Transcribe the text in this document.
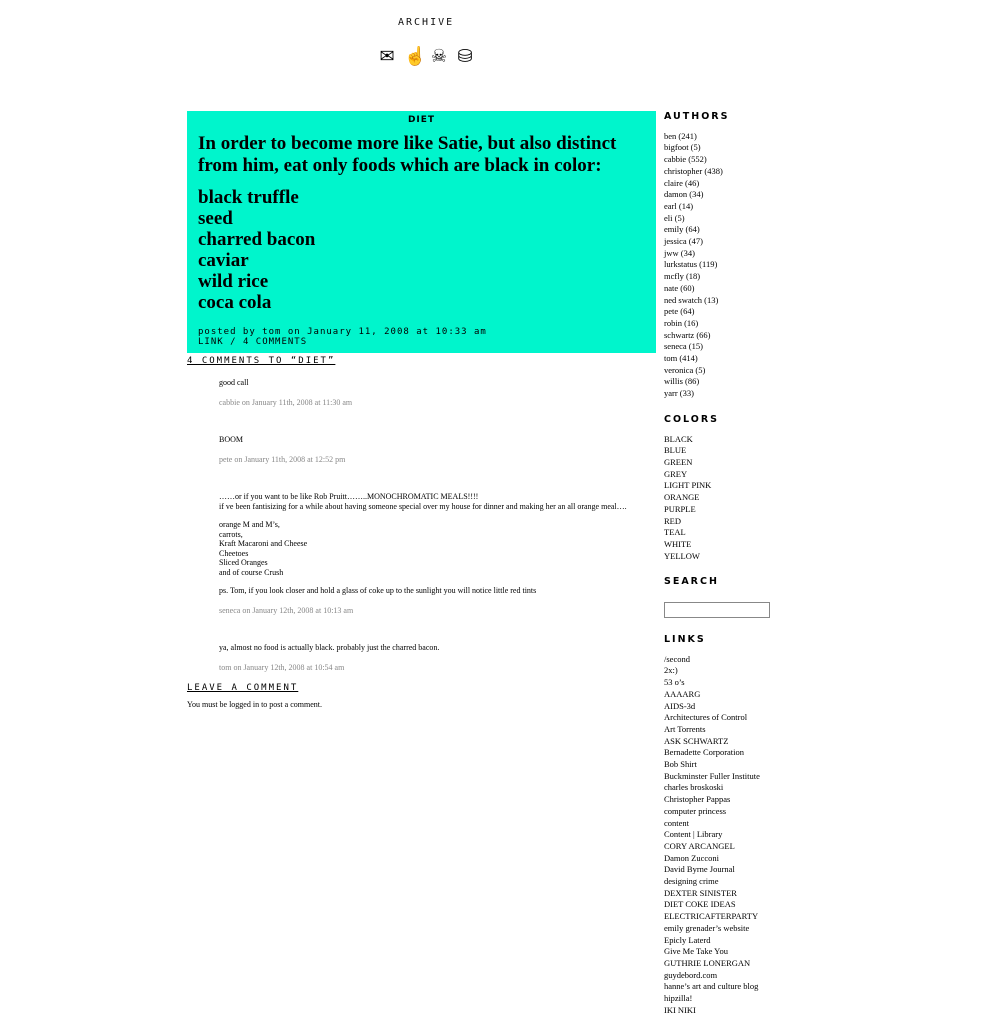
ARCHIVE
✉ ☝ ☠ ⛁
DIET
In order to become more like Satie, but also distinct from him, eat only foods which are black in color:
black truffle
seed
charred bacon
caviar
wild rice
coca cola
posted by tom on January 11, 2008 at 10:33 am
LINK / 4 COMMENTS
4 COMMENTS TO “DIET”

good call

cabbie on January 11th, 2008 at 11:30 am

BOOM

pete on January 11th, 2008 at 12:52 pm

……or if you want to be like Rob Pruitt……..MONOCHROMATIC MEALS!!!!
if ve been fantisizing for a while about having someone special over my house for dinner and making her an all orange meal….

orange M and M’s,
carrots,
Kraft Macaroni and Cheese
Cheetoes
Sliced Oranges
and of course Crush

ps. Tom, if you look closer and hold a glass of coke up to the sunlight you will notice little red tints

seneca on January 12th, 2008 at 10:13 am

ya, almost no food is actually black. probably just the charred bacon.

tom on January 12th, 2008 at 10:54 am
LEAVE A COMMENT
You must be logged in to post a comment.
AUTHORS
ben (241)
bigfoot (5)
cabbie (552)
christopher (438)
claire (46)
damon (34)
earl (14)
eli (5)
emily (64)
jessica (47)
jww (34)
lurkstatus (119)
mcfly (18)
nate (60)
ned swatch (13)
pete (64)
robin (16)
schwartz (66)
seneca (15)
tom (414)
veronica (5)
willis (86)
yarr (33)
COLORS
BLACK
BLUE
GREEN
GREY
LIGHT PINK
ORANGE
PURPLE
RED
TEAL
WHITE
YELLOW
SEARCH
LINKS
/second
2x:)
53 o’s
AAAARG
AIDS-3d
Architectures of Control
Art Torrents
ASK SCHWARTZ
Bernadette Corporation
Bob Shirt
Buckminster Fuller Institute
charles broskoski
Christopher Pappas
computer princess
content
Content | Library
CORY ARCANGEL
Damon Zucconi
David Byrne Journal
designing crime
DEXTER SINISTER
DIET COKE IDEAS
ELECTRICAFTERPARTY
emily grenader’s website
Epicly Laterd
Give Me Take You
GUTHRIE LONERGAN
guydebord.com
hanne’s art and culture blog
hipzilla!
IKI NIKI
